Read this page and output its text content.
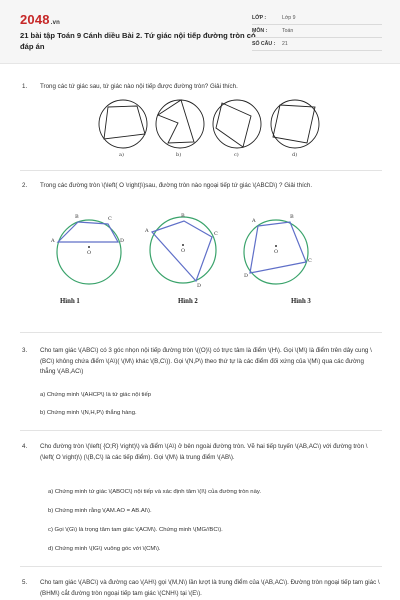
2048.vn
21 bài tập Toán 9 Cánh diều Bài 2. Tứ giác nội tiếp đường tròn có đáp án
LỚP :	Lớp 9
MÔN :	Toán
SỐ CÂU :	21
1. Trong các tứ giác sau, tứ giác nào nội tiếp được đường tròn? Giải thích.
a)	b)	c)	d)
2. Trong các đường tròn \(\left( O \right)\)sau, đường tròn nào ngoại tiếp tứ giác \(ABCD\) ? Giải thích.
A
B	C
D
O
A
B
C
D
O
A
B
C
D
O
Hình 1	Hình 2	Hình 3
3. Cho tam giác \(ABC\) có 3 góc nhọn nội tiếp đường tròn \((O)\) có trực tâm là điểm \(H\). Gọi \(M\) là điểm trên dây cung \(BC\) không chứa điểm \(A\)( \(M\) khác \(B,C\)). Gọi \(N,P\) theo thứ tự là các điểm đối xứng của \(M\) qua các đường thẳng \(AB,AC\)
a) Chứng minh \(AHCP\) là tứ giác nội tiếp
b) Chứng minh \(N,H,P\) thẳng hàng.
4. Cho đường tròn \(\left( {O;R} \right)\) và điểm \(A\) ở bên ngoài đường tròn. Vẽ hai tiếp tuyến \(AB,AC\) với đường tròn \(\left( O \right)\) (\(B,C\) là các tiếp điểm). Gọi \(M\) là trung điểm \(AB\).
a) Chứng minh tứ giác \(ABOC\) nội tiếp và xác định tâm \(I\) của đường tròn này.
b) Chứng minh rằng \(AM.AO = AB.AI\).
c) Gọi \(G\) là trọng tâm tam giác \(ACM\). Chứng minh \(MG//BC\).
d) Chứng minh \(IG\) vuông góc với \(CM\).
5. Cho tam giác \(ABC\) và đường cao \(AH\) gọi \(M,N\) lần lượt là trung điểm của \(AB,AC\). Đường tròn ngoại tiếp tam giác \(BHM\) cắt đường tròn ngoại tiếp tam giác \(CNH\) tại \(E\).
